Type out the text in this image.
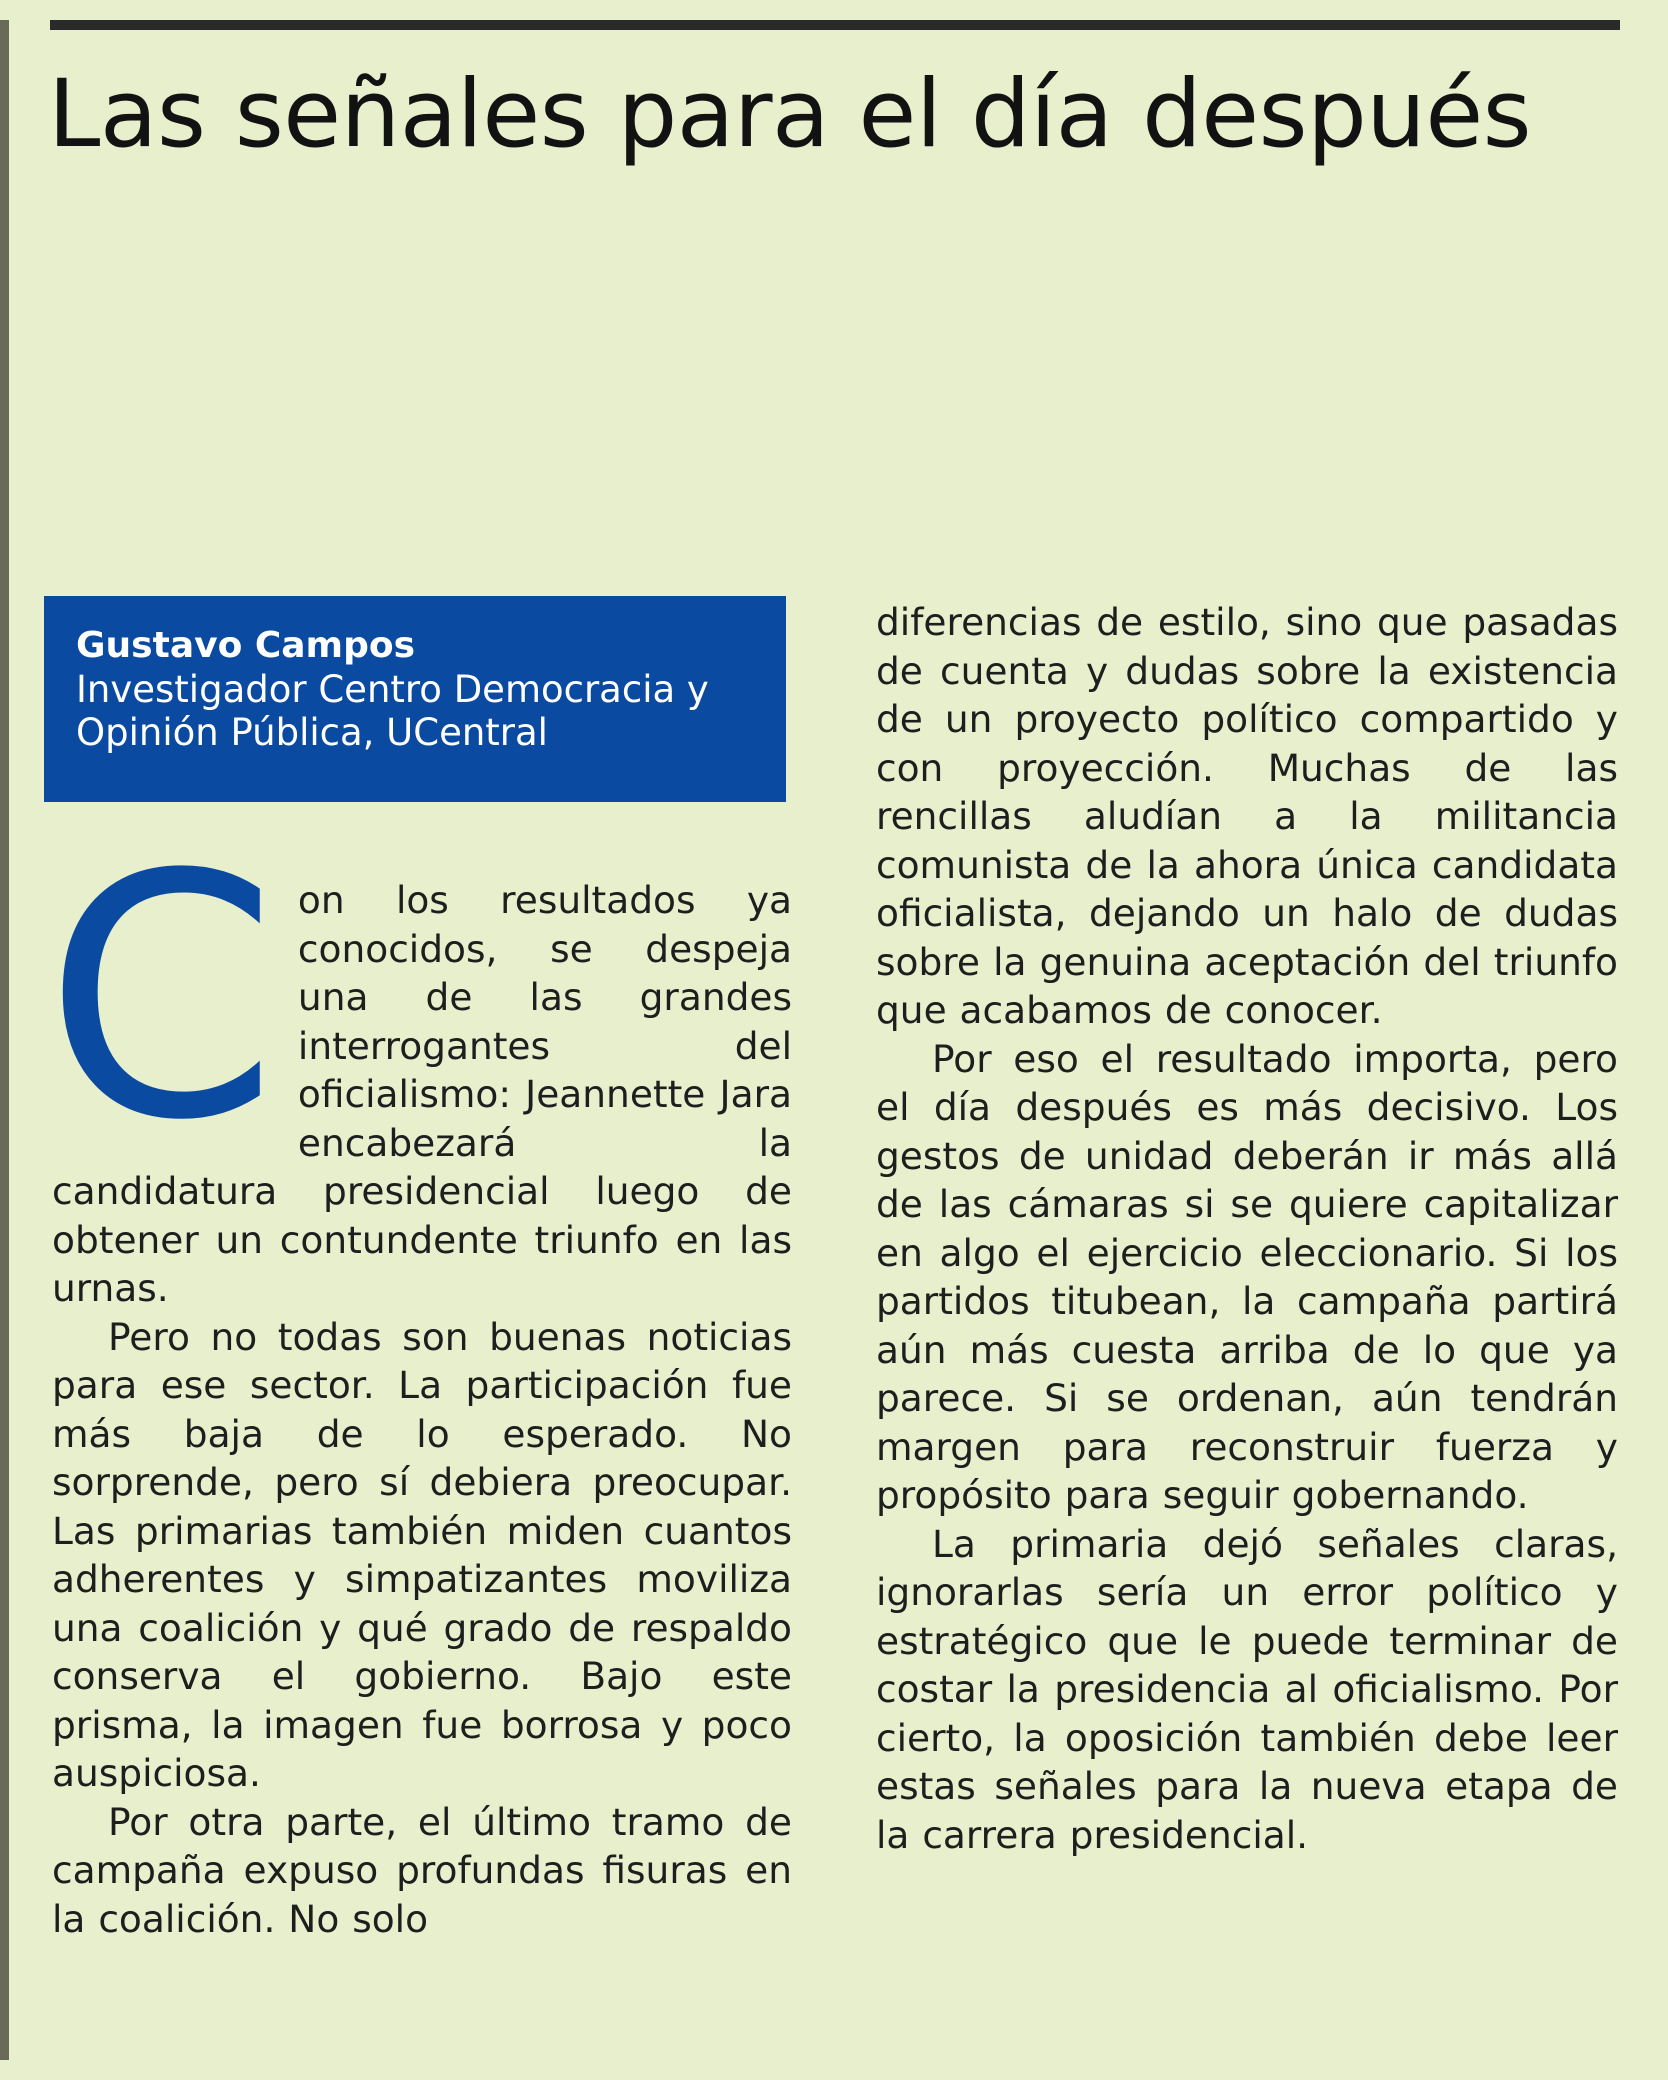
Las señales para el día después
Gustavo Campos
Investigador Centro Democracia y Opinión Pública, UCentral

Con los resultados ya conocidos, se despeja una de las grandes interrogantes del oficialismo: Jeannette Jara encabezará la candidatura presidencial luego de obtener un contundente triunfo en las urnas.

Pero no todas son buenas noticias para ese sector. La participación fue más baja de lo esperado. No sorprende, pero sí debiera preocupar. Las primarias también miden cuantos adherentes y simpatizantes moviliza una coalición y qué grado de respaldo conserva el gobierno. Bajo este prisma, la imagen fue borrosa y poco auspiciosa.

Por otra parte, el último tramo de campaña expuso profundas fisuras en la coalición. No solo

diferencias de estilo, sino que pasadas de cuenta y dudas sobre la existencia de un proyecto político compartido y con proyección. Muchas de las rencillas aludían a la militancia comunista de la ahora única candidata oficialista, dejando un halo de dudas sobre la genuina aceptación del triunfo que acabamos de conocer.

Por eso el resultado importa, pero el día después es más decisivo. Los gestos de unidad deberán ir más allá de las cámaras si se quiere capitalizar en algo el ejercicio eleccionario. Si los partidos titubean, la campaña partirá aún más cuesta arriba de lo que ya parece. Si se ordenan, aún tendrán margen para reconstruir fuerza y propósito para seguir gobernando.

La primaria dejó señales claras, ignorarlas sería un error político y estratégico que le puede terminar de costar la presidencia al oficialismo. Por cierto, la oposición también debe leer estas señales para la nueva etapa de la carrera presidencial.
